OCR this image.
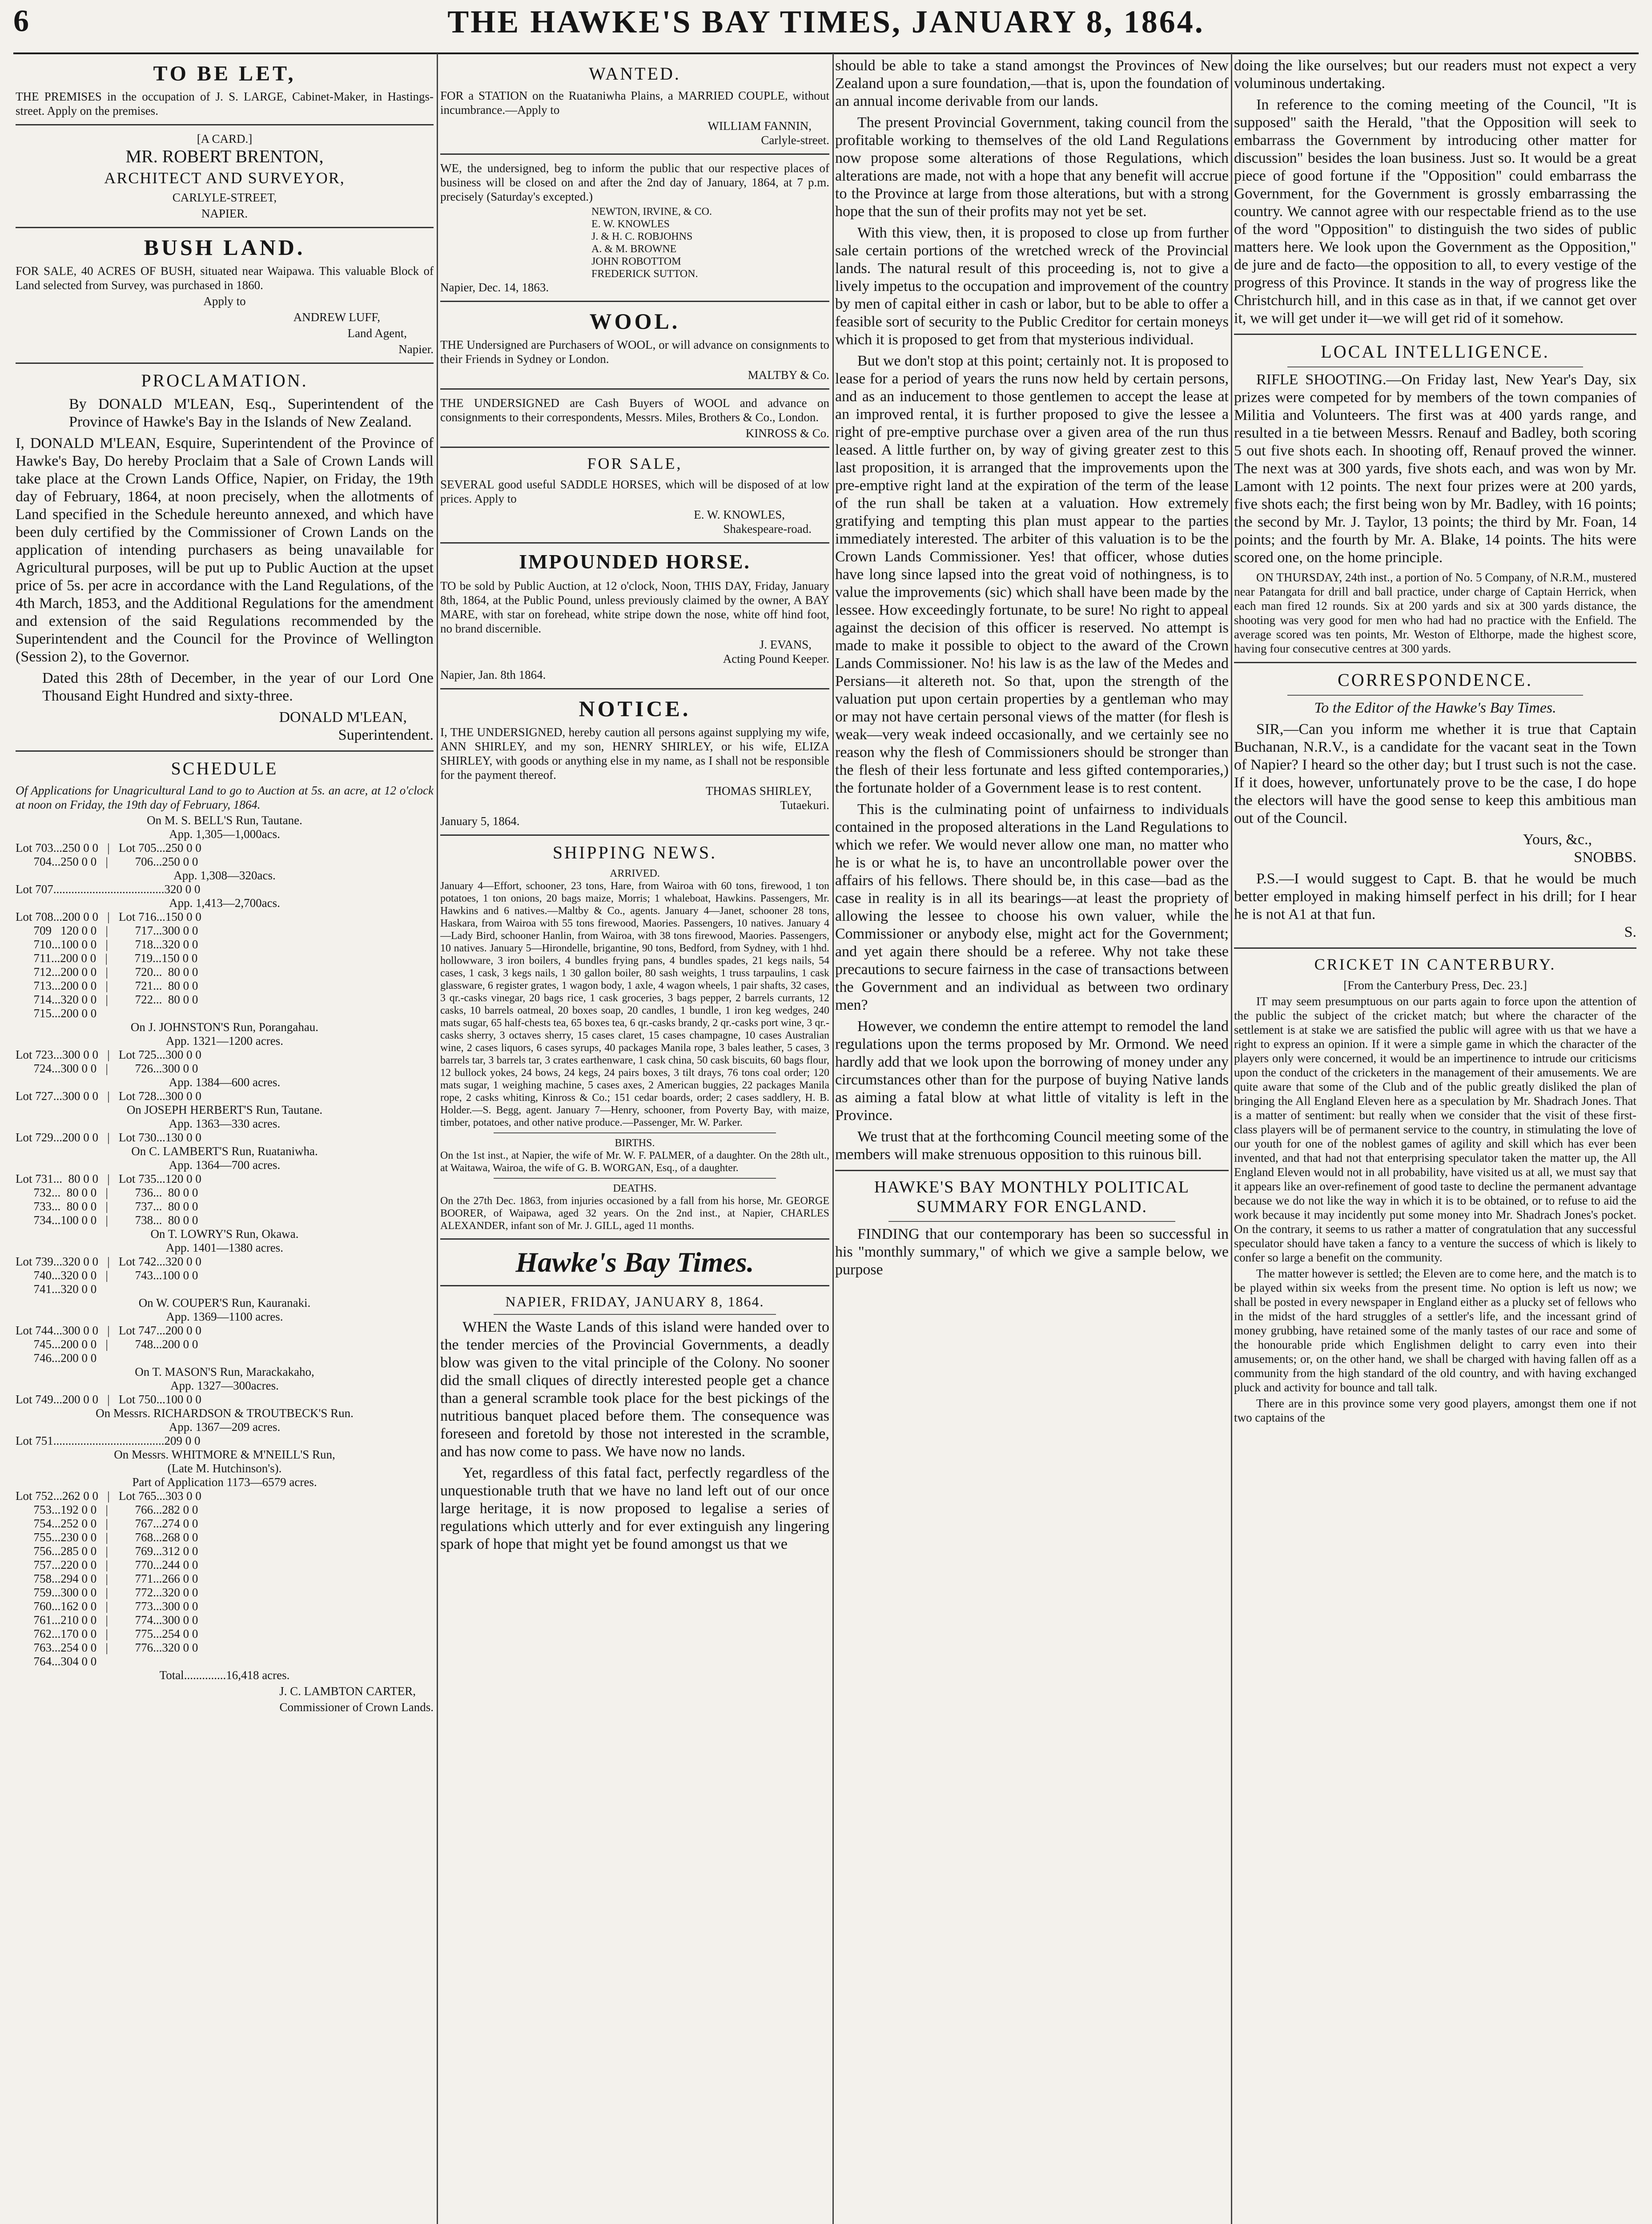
6	THE HAWKE'S BAY TIMES, JANUARY 8, 1864.
TO BE LET,

THE PREMISES in the occupation of J. S. LARGE, Cabinet-Maker, in Hastings-street. Apply on the premises.

[A CARD.]

MR. ROBERT BRENTON,

ARCHITECT AND SURVEYOR,

CARLYLE-STREET,

NAPIER.

BUSH LAND.

FOR SALE, 40 ACRES OF BUSH, situated near Waipawa. This valuable Block of Land selected from Survey, was purchased in 1860.

Apply to

ANDREW LUFF,

Land Agent,

Napier.

PROCLAMATION.

By DONALD M'LEAN, Esq., Superintendent of the Province of Hawke's Bay in the Islands of New Zealand.

I, DONALD M'LEAN, Esquire, Superintendent of the Province of Hawke's Bay, Do hereby Proclaim that a Sale of Crown Lands will take place at the Crown Lands Office, Napier, on Friday, the 19th day of February, 1864, at noon precisely, when the allotments of Land specified in the Schedule hereunto annexed, and which have been duly certified by the Commissioner of Crown Lands on the application of intending purchasers as being unavailable for Agricultural purposes, will be put up to Public Auction at the upset price of 5s. per acre in accordance with the Land Regulations, of the 4th March, 1853, and the Additional Regulations for the amendment and extension of the said Regulations recommended by the Superintendent and the Council for the Province of Wellington (Session 2), to the Governor.

Dated this 28th of December, in the year of our Lord One Thousand Eight Hundred and sixty-three.

DONALD M'LEAN,

Superintendent.

SCHEDULE

Of Applications for Unagricultural Land to go to Auction at 5s. an acre, at 12 o'clock at noon on Friday, the 19th day of February, 1864.

On M. S. BELL'S Run, Tautane.

App. 1,305—1,000acs.

Lot 703...250 0 0   |   Lot 705...250 0 0

704...250 0 0   |         706...250 0 0

App. 1,308—320acs.

Lot 707.....................................320 0 0

App. 1,413—2,700acs.

Lot 708...200 0 0   |   Lot 716...150 0 0

709   120 0 0   |         717...300 0 0

710...100 0 0   |         718...320 0 0

711...200 0 0   |         719...150 0 0

712...200 0 0   |         720...  80 0 0

713...200 0 0   |         721...  80 0 0

714...320 0 0   |         722...  80 0 0

715...200 0 0

On J. JOHNSTON'S Run, Porangahau.

App. 1321—1200 acres.

Lot 723...300 0 0   |   Lot 725...300 0 0

724...300 0 0   |         726...300 0 0

App. 1384—600 acres.

Lot 727...300 0 0   |   Lot 728...300 0 0

On JOSEPH HERBERT'S Run, Tautane.

App. 1363—330 acres.

Lot 729...200 0 0   |   Lot 730...130 0 0

On C. LAMBERT'S Run, Ruataniwha.

App. 1364—700 acres.

Lot 731...  80 0 0   |   Lot 735...120 0 0

732...  80 0 0   |         736...  80 0 0

733...  80 0 0   |         737...  80 0 0

734...100 0 0   |         738...  80 0 0

On T. LOWRY'S Run, Okawa.

App. 1401—1380 acres.

Lot 739...320 0 0   |   Lot 742...320 0 0

740...320 0 0   |         743...100 0 0

741...320 0 0

On W. COUPER'S Run, Kauranaki.

App. 1369—1100 acres.

Lot 744...300 0 0   |   Lot 747...200 0 0

745...200 0 0   |         748...200 0 0

746...200 0 0

On T. MASON'S Run, Marackakaho,

App. 1327—300acres.

Lot 749...200 0 0   |   Lot 750...100 0 0

On Messrs. RICHARDSON & TROUTBECK'S Run.

App. 1367—209 acres.

Lot 751.....................................209 0 0

On Messrs. WHITMORE & M'NEILL'S Run,

(Late M. Hutchinson's).

Part of Application 1173—6579 acres.

Lot 752...262 0 0   |   Lot 765...303 0 0

753...192 0 0   |         766...282 0 0

754...252 0 0   |         767...274 0 0

755...230 0 0   |         768...268 0 0

756...285 0 0   |         769...312 0 0

757...220 0 0   |         770...244 0 0

758...294 0 0   |         771...266 0 0

759...300 0 0   |         772...320 0 0

760...162 0 0   |         773...300 0 0

761...210 0 0   |         774...300 0 0

762...170 0 0   |         775...254 0 0

763...254 0 0   |         776...320 0 0

764...304 0 0

Total..............16,418 acres.

J. C. LAMBTON CARTER,

Commissioner of Crown Lands.

WANTED.

FOR a STATION on the Ruataniwha Plains, a MARRIED COUPLE, without incumbrance.—Apply to

WILLIAM FANNIN,

Carlyle-street.

WE, the undersigned, beg to inform the public that our respective places of business will be closed on and after the 2nd day of January, 1864, at 7 p.m. precisely (Saturday's excepted.)

NEWTON, IRVINE, & CO.

E. W. KNOWLES

J. & H. C. ROBJOHNS

A. & M. BROWNE

JOHN ROBOTTOM

FREDERICK SUTTON.

Napier, Dec. 14, 1863.

WOOL.

THE Undersigned are Purchasers of WOOL, or will advance on consignments to their Friends in Sydney or London.

MALTBY & Co.

THE UNDERSIGNED are Cash Buyers of WOOL and advance on consignments to their correspondents, Messrs. Miles, Brothers & Co., London.

KINROSS & Co.

FOR SALE,

SEVERAL good useful SADDLE HORSES, which will be disposed of at low prices. Apply to

E. W. KNOWLES,

Shakespeare-road.

IMPOUNDED HORSE.

TO be sold by Public Auction, at 12 o'clock, Noon, THIS DAY, Friday, January 8th, 1864, at the Public Pound, unless previously claimed by the owner, A BAY MARE, with star on forehead, white stripe down the nose, white off hind foot, no brand discernible.

J. EVANS,

Acting Pound Keeper.

Napier, Jan. 8th 1864.

NOTICE.

I, THE UNDERSIGNED, hereby caution all persons against supplying my wife, ANN SHIRLEY, and my son, HENRY SHIRLEY, or his wife, ELIZA SHIRLEY, with goods or anything else in my name, as I shall not be responsible for the payment thereof.

THOMAS SHIRLEY,

Tutaekuri.

January 5, 1864.

SHIPPING NEWS.

ARRIVED.

January 4—Effort, schooner, 23 tons, Hare, from Wairoa with 60 tons, firewood, 1 ton potatoes, 1 ton onions, 20 bags maize, Morris; 1 whaleboat, Hawkins. Passengers, Mr. Hawkins and 6 natives.—Maltby & Co., agents. January 4—Janet, schooner 28 tons, Haskara, from Wairoa with 55 tons firewood, Maories. Passengers, 10 natives. January 4—Lady Bird, schooner Hanlin, from Wairoa, with 38 tons firewood, Maories. Passengers, 10 natives. January 5—Hirondelle, brigantine, 90 tons, Bedford, from Sydney, with 1 hhd. hollowware, 3 iron boilers, 4 bundles frying pans, 4 bundles spades, 21 kegs nails, 54 cases, 1 cask, 3 kegs nails, 1 30 gallon boiler, 80 sash weights, 1 truss tarpaulins, 1 cask glassware, 6 register grates, 1 wagon body, 1 axle, 4 wagon wheels, 1 pair shafts, 32 cases, 3 qr.-casks vinegar, 20 bags rice, 1 cask groceries, 3 bags pepper, 2 barrels currants, 12 casks, 10 barrels oatmeal, 20 boxes soap, 20 candles, 1 bundle, 1 iron keg wedges, 240 mats sugar, 65 half-chests tea, 65 boxes tea, 6 qr.-casks brandy, 2 qr.-casks port wine, 3 qr.-casks sherry, 3 octaves sherry, 15 cases claret, 15 cases champagne, 10 cases Australian wine, 2 cases liquors, 6 cases syrups, 40 packages Manila rope, 3 bales leather, 5 cases, 3 barrels tar, 3 barrels tar, 3 crates earthenware, 1 cask china, 50 cask biscuits, 60 bags flour, 12 bullock yokes, 24 bows, 24 kegs, 24 pairs boxes, 3 tilt drays, 76 tons coal order; 120 mats sugar, 1 weighing machine, 5 cases axes, 2 American buggies, 22 packages Manila rope, 2 casks whiting, Kinross & Co.; 151 cedar boards, order; 2 cases saddlery, H. B. Holder.—S. Begg, agent. January 7—Henry, schooner, from Poverty Bay, with maize, timber, potatoes, and other native produce.—Passenger, Mr. W. Parker.

BIRTHS.

On the 1st inst., at Napier, the wife of Mr. W. F. PALMER, of a daughter. On the 28th ult., at Waitawa, Wairoa, the wife of G. B. WORGAN, Esq., of a daughter.

DEATHS.

On the 27th Dec. 1863, from injuries occasioned by a fall from his horse, Mr. GEORGE BOORER, of Waipawa, aged 32 years. On the 2nd inst., at Napier, CHARLES ALEXANDER, infant son of Mr. J. GILL, aged 11 months.

Hawke's Bay Times.

NAPIER, FRIDAY, JANUARY 8, 1864.

WHEN the Waste Lands of this island were handed over to the tender mercies of the Provincial Governments, a deadly blow was given to the vital principle of the Colony. No sooner did the small cliques of directly interested people get a chance than a general scramble took place for the best pickings of the nutritious banquet placed before them. The consequence was foreseen and foretold by those not interested in the scramble, and has now come to pass. We have now no lands.

Yet, regardless of this fatal fact, perfectly regardless of the unquestionable truth that we have no land left out of our once large heritage, it is now proposed to legalise a series of regulations which utterly and for ever extinguish any lingering spark of hope that might yet be found amongst us that we

should be able to take a stand amongst the Provinces of New Zealand upon a sure foundation,—that is, upon the foundation of an annual income derivable from our lands.

The present Provincial Government, taking council from the profitable working to themselves of the old Land Regulations now propose some alterations of those Regulations, which alterations are made, not with a hope that any benefit will accrue to the Province at large from those alterations, but with a strong hope that the sun of their profits may not yet be set.

With this view, then, it is proposed to close up from further sale certain portions of the wretched wreck of the Provincial lands. The natural result of this proceeding is, not to give a lively impetus to the occupation and improvement of the country by men of capital either in cash or labor, but to be able to offer a feasible sort of security to the Public Creditor for certain moneys which it is proposed to get from that mysterious individual.

But we don't stop at this point; certainly not. It is proposed to lease for a period of years the runs now held by certain persons, and as an inducement to those gentlemen to accept the lease at an improved rental, it is further proposed to give the lessee a right of pre-emptive purchase over a given area of the run thus leased. A little further on, by way of giving greater zest to this last proposition, it is arranged that the improvements upon the pre-emptive right land at the expiration of the term of the lease of the run shall be taken at a valuation. How extremely gratifying and tempting this plan must appear to the parties immediately interested. The arbiter of this valuation is to be the Crown Lands Commissioner. Yes! that officer, whose duties have long since lapsed into the great void of nothingness, is to value the improvements (sic) which shall have been made by the lessee. How exceedingly fortunate, to be sure! No right to appeal against the decision of this officer is reserved. No attempt is made to make it possible to object to the award of the Crown Lands Commissioner. No! his law is as the law of the Medes and Persians—it altereth not. So that, upon the strength of the valuation put upon certain properties by a gentleman who may or may not have certain personal views of the matter (for flesh is weak—very weak indeed occasionally, and we certainly see no reason why the flesh of Commissioners should be stronger than the flesh of their less fortunate and less gifted contemporaries,) the fortunate holder of a Government lease is to rest content.

This is the culminating point of unfairness to individuals contained in the proposed alterations in the Land Regulations to which we refer. We would never allow one man, no matter who he is or what he is, to have an uncontrollable power over the affairs of his fellows. There should be, in this case—bad as the case in reality is in all its bearings—at least the propriety of allowing the lessee to choose his own valuer, while the Commissioner or anybody else, might act for the Government; and yet again there should be a referee. Why not take these precautions to secure fairness in the case of transactions between the Government and an individual as between two ordinary men?

However, we condemn the entire attempt to remodel the land regulations upon the terms proposed by Mr. Ormond. We need hardly add that we look upon the borrowing of money under any circumstances other than for the purpose of buying Native lands as aiming a fatal blow at what little of vitality is left in the Province.

We trust that at the forthcoming Council meeting some of the members will make strenuous opposition to this ruinous bill.

HAWKE'S BAY MONTHLY POLITICAL SUMMARY FOR ENGLAND.

FINDING that our contemporary has been so successful in his "monthly summary," of which we give a sample below, we purpose

doing the like ourselves; but our readers must not expect a very voluminous undertaking.

In reference to the coming meeting of the Council, "It is supposed" saith the Herald, "that the Opposition will seek to embarrass the Government by introducing other matter for discussion" besides the loan business. Just so. It would be a great piece of good fortune if the "Opposition" could embarrass the Government, for the Government is grossly embarrassing the country. We cannot agree with our respectable friend as to the use of the word "Opposition" to distinguish the two sides of public matters here. We look upon the Government as the Opposition," de jure and de facto—the opposition to all, to every vestige of the progress of this Province. It stands in the way of progress like the Christchurch hill, and in this case as in that, if we cannot get over it, we will get under it—we will get rid of it somehow.

LOCAL INTELLIGENCE.

RIFLE SHOOTING.—On Friday last, New Year's Day, six prizes were competed for by members of the town companies of Militia and Volunteers. The first was at 400 yards range, and resulted in a tie between Messrs. Renauf and Badley, both scoring 5 out five shots each. In shooting off, Renauf proved the winner. The next was at 300 yards, five shots each, and was won by Mr. Lamont with 12 points. The next four prizes were at 200 yards, five shots each; the first being won by Mr. Badley, with 16 points; the second by Mr. J. Taylor, 13 points; the third by Mr. Foan, 14 points; and the fourth by Mr. A. Blake, 14 points. The hits were scored one, on the home principle.

ON THURSDAY, 24th inst., a portion of No. 5 Company, of N.R.M., mustered near Patangata for drill and ball practice, under charge of Captain Herrick, when each man fired 12 rounds. Six at 200 yards and six at 300 yards distance, the shooting was very good for men who had had no practice with the Enfield. The average scored was ten points, Mr. Weston of Elthorpe, made the highest score, having four consecutive centres at 300 yards.

CORRESPONDENCE.

To the Editor of the Hawke's Bay Times.

SIR,—Can you inform me whether it is true that Captain Buchanan, N.R.V., is a candidate for the vacant seat in the Town of Napier? I heard so the other day; but I trust such is not the case. If it does, however, unfortunately prove to be the case, I do hope the electors will have the good sense to keep this ambitious man out of the Council.

Yours, &c.,

SNOBBS.

P.S.—I would suggest to Capt. B. that he would be much better employed in making himself perfect in his drill; for I hear he is not A1 at that fun.

S.

CRICKET IN CANTERBURY.

[From the Canterbury Press, Dec. 23.]

IT may seem presumptuous on our parts again to force upon the attention of the public the subject of the cricket match; but where the character of the settlement is at stake we are satisfied the public will agree with us that we have a right to express an opinion. If it were a simple game in which the character of the players only were concerned, it would be an impertinence to intrude our criticisms upon the conduct of the cricketers in the management of their amusements. We are quite aware that some of the Club and of the public greatly disliked the plan of bringing the All England Eleven here as a speculation by Mr. Shadrach Jones. That is a matter of sentiment: but really when we consider that the visit of these first-class players will be of permanent service to the country, in stimulating the love of our youth for one of the noblest games of agility and skill which has ever been invented, and that had not that enterprising speculator taken the matter up, the All England Eleven would not in all probability, have visited us at all, we must say that it appears like an over-refinement of good taste to decline the permanent advantage because we do not like the way in which it is to be obtained, or to refuse to aid the work because it may incidently put some money into Mr. Shadrach Jones's pocket. On the contrary, it seems to us rather a matter of congratulation that any successful speculator should have taken a fancy to a venture the success of which is likely to confer so large a benefit on the community.

The matter however is settled; the Eleven are to come here, and the match is to be played within six weeks from the present time. No option is left us now; we shall be posted in every newspaper in England either as a plucky set of fellows who in the midst of the hard struggles of a settler's life, and the incessant grind of money grubbing, have retained some of the manly tastes of our race and some of the honourable pride which Englishmen delight to carry even into their amusements; or, on the other hand, we shall be charged with having fallen off as a community from the high standard of the old country, and with having exchanged pluck and activity for bounce and tall talk.

There are in this province some very good players, amongst them one if not two captains of the
